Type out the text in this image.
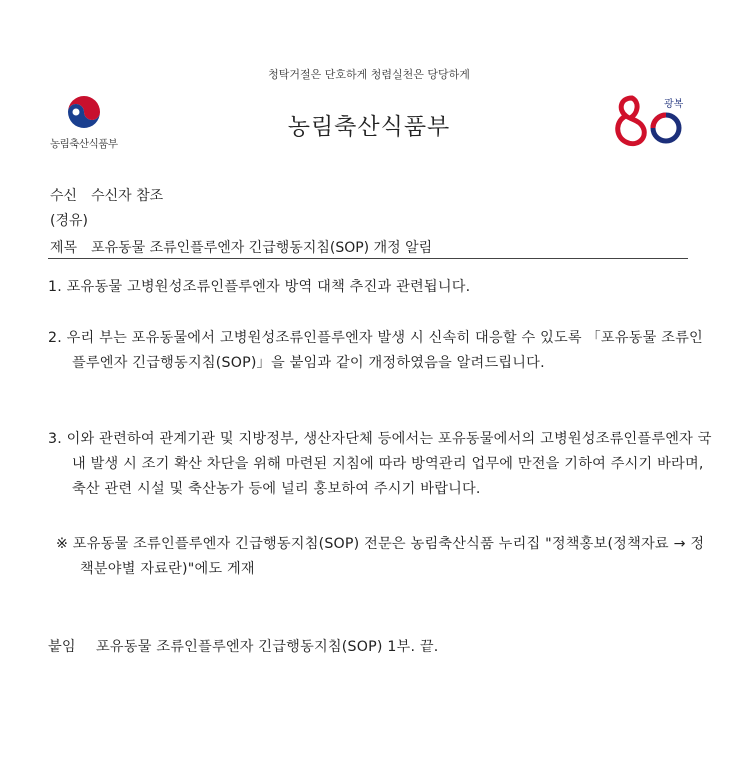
청탁거절은 단호하게 청렴실천은 당당하게
농림축산식품부
농림축산식품부
광복
수신 수신자 참조
(경유)
제목 포유동물 조류인플루엔자 긴급행동지침(SOP) 개정 알림
1. 포유동물 고병원성조류인플루엔자 방역 대책 추진과 관련됩니다.
2. 우리 부는 포유동물에서 고병원성조류인플루엔자 발생 시 신속히 대응할 수 있도록 「포유동물 조류인플루엔자 긴급행동지침(SOP)」을 붙임과 같이 개정하였음을 알려드립니다.
3. 이와 관련하여 관계기관 및 지방정부, 생산자단체 등에서는 포유동물에서의 고병원성조류인플루엔자 국내 발생 시 조기 확산 차단을 위해 마련된 지침에 따라 방역관리 업무에 만전을 기하여 주시기 바라며, 축산 관련 시설 및 축산농가 등에 널리 홍보하여 주시기 바랍니다.
※ 포유동물 조류인플루엔자 긴급행동지침(SOP) 전문은 농림축산식품 누리집 "정책홍보(정책자료 → 정책분야별 자료란)"에도 게재
붙임 포유동물 조류인플루엔자 긴급행동지침(SOP) 1부. 끝.
